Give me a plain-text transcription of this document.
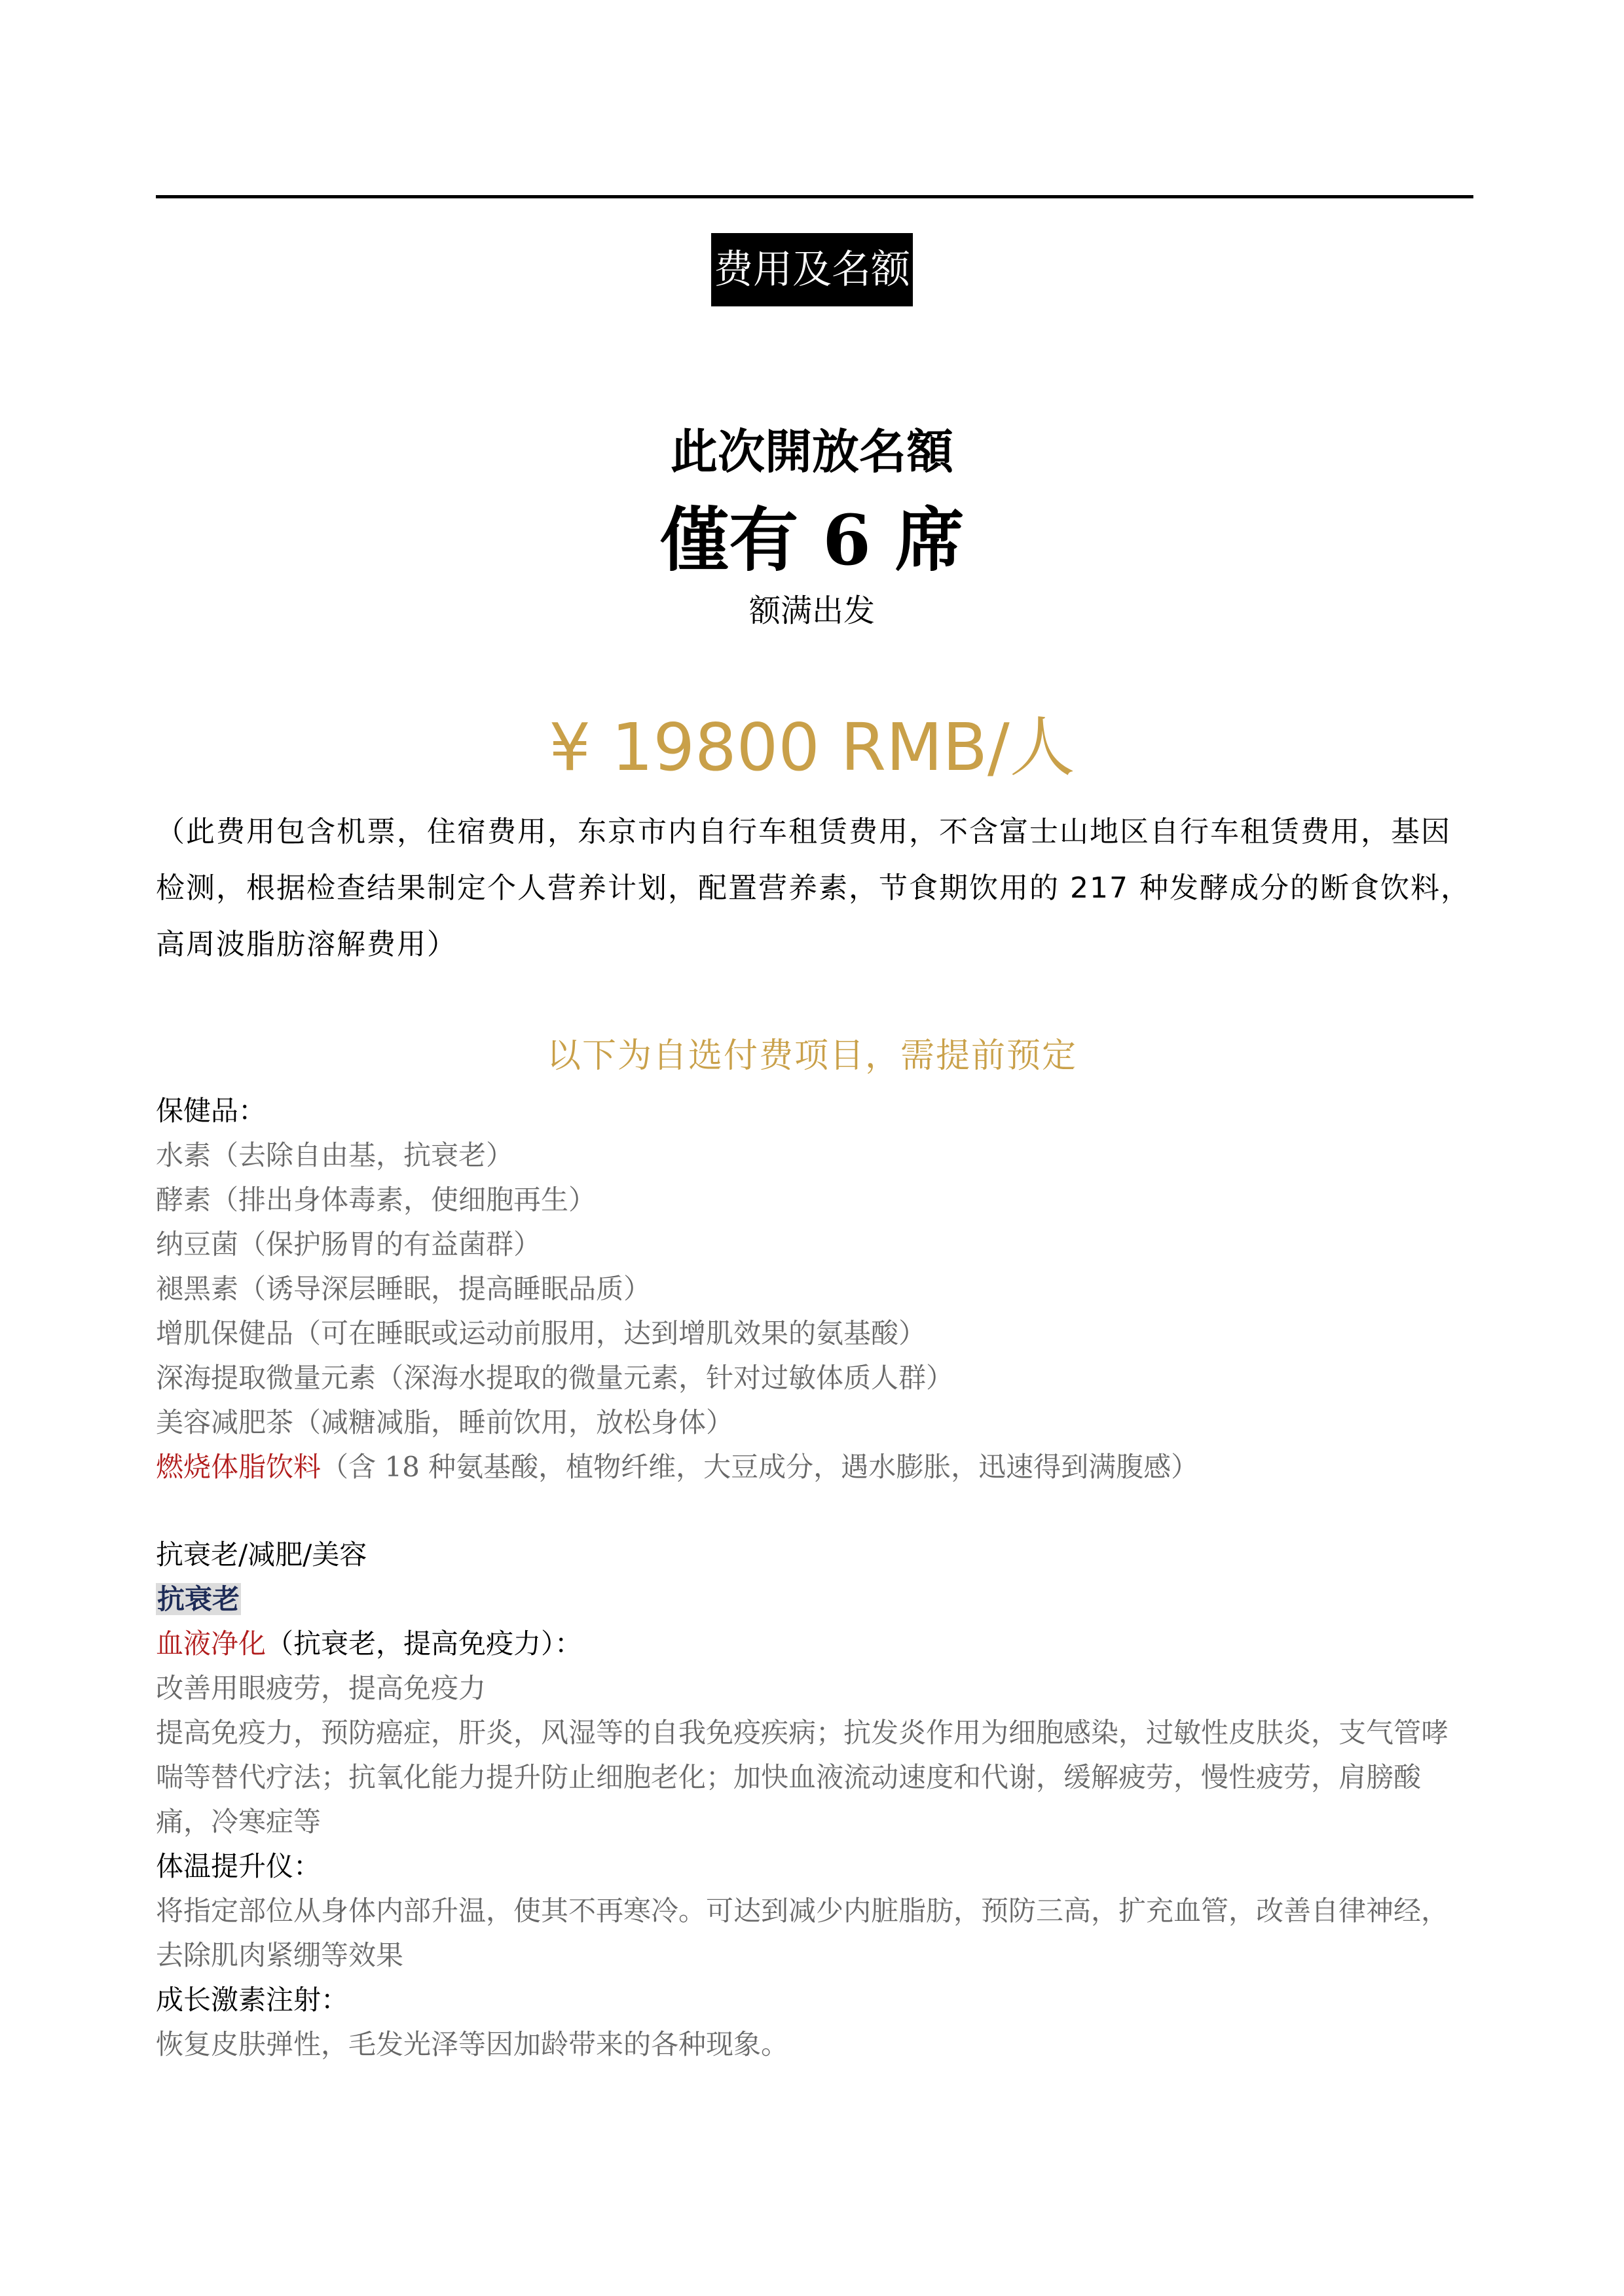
费用及名额
此次開放名額
僅有 6 席
额满出发
¥ 19800 RMB/人
（此费用包含机票，住宿费用，东京市内自行车租赁费用，不含富士山地区自行车租赁费用，基因检测，根据检查结果制定个人营养计划，配置营养素，节食期饮用的 217 种发酵成分的断食饮料，高周波脂肪溶解费用）
以下为自选付费项目，需提前预定
保健品：
水素（去除自由基，抗衰老）
酵素（排出身体毒素，使细胞再生）
纳豆菌（保护肠胃的有益菌群）
褪黑素（诱导深层睡眠，提高睡眠品质）
增肌保健品（可在睡眠或运动前服用，达到增肌效果的氨基酸）
深海提取微量元素（深海水提取的微量元素，针对过敏体质人群）
美容减肥茶（减糖减脂，睡前饮用，放松身体）
燃烧体脂饮料（含 18 种氨基酸，植物纤维，大豆成分，遇水膨胀，迅速得到满腹感）
抗衰老/减肥/美容
抗衰老
血液净化（抗衰老，提高免疫力）：
改善用眼疲劳，提高免疫力
提高免疫力，预防癌症，肝炎，风湿等的自我免疫疾病；抗发炎作用为细胞感染，过敏性皮肤炎，支气管哮喘等替代疗法；抗氧化能力提升防止细胞老化；加快血液流动速度和代谢，缓解疲劳，慢性疲劳，肩膀酸痛，冷寒症等
体温提升仪：
将指定部位从身体内部升温，使其不再寒冷。可达到减少内脏脂肪，预防三高，扩充血管，改善自律神经，去除肌肉紧绷等效果
成长激素注射：
恢复皮肤弹性，毛发光泽等因加龄带来的各种现象。
